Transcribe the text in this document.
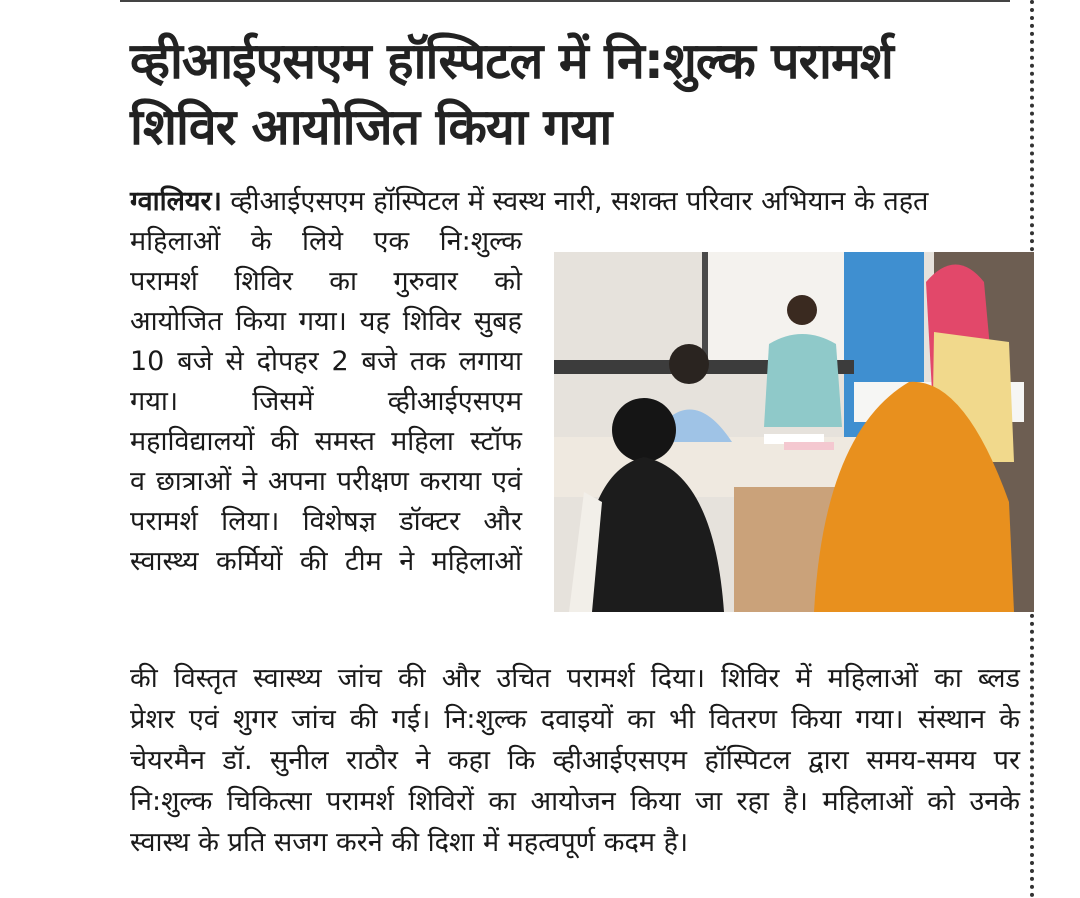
व्हीआईएसएम हॉस्पिटल में नि:शुल्क परामर्श
शिविर आयोजित किया गया

ग्वालियर। व्हीआईएसएम हॉस्पिटल में स्वस्थ नारी, सशक्त परिवार अभियान के तहत

महिलाओं के लिये एक नि:शुल्क
परामर्श शिविर का गुरुवार को
आयोजित किया गया। यह शिविर सुबह
10 बजे से दोपहर 2 बजे तक लगाया
गया। जिसमें व्हीआईएसएम
महाविद्यालयों की समस्त महिला स्टॉफ
व छात्राओं ने अपना परीक्षण कराया एवं
परामर्श लिया। विशेषज्ञ डॉक्टर और
स्वास्थ्य कर्मियों की टीम ने महिलाओं

की विस्तृत स्वास्थ्य जांच की और उचित परामर्श दिया। शिविर में महिलाओं का ब्लड
प्रेशर एवं शुगर जांच की गई। नि:शुल्क दवाइयों का भी वितरण किया गया। संस्थान के
चेयरमैन डॉ. सुनील राठौर ने कहा कि व्हीआईएसएम हॉस्पिटल द्वारा समय-समय पर
नि:शुल्क चिकित्सा परामर्श शिविरों का आयोजन किया जा रहा है। महिलाओं को उनके
स्वास्थ के प्रति सजग करने की दिशा में महत्वपूर्ण कदम है।
